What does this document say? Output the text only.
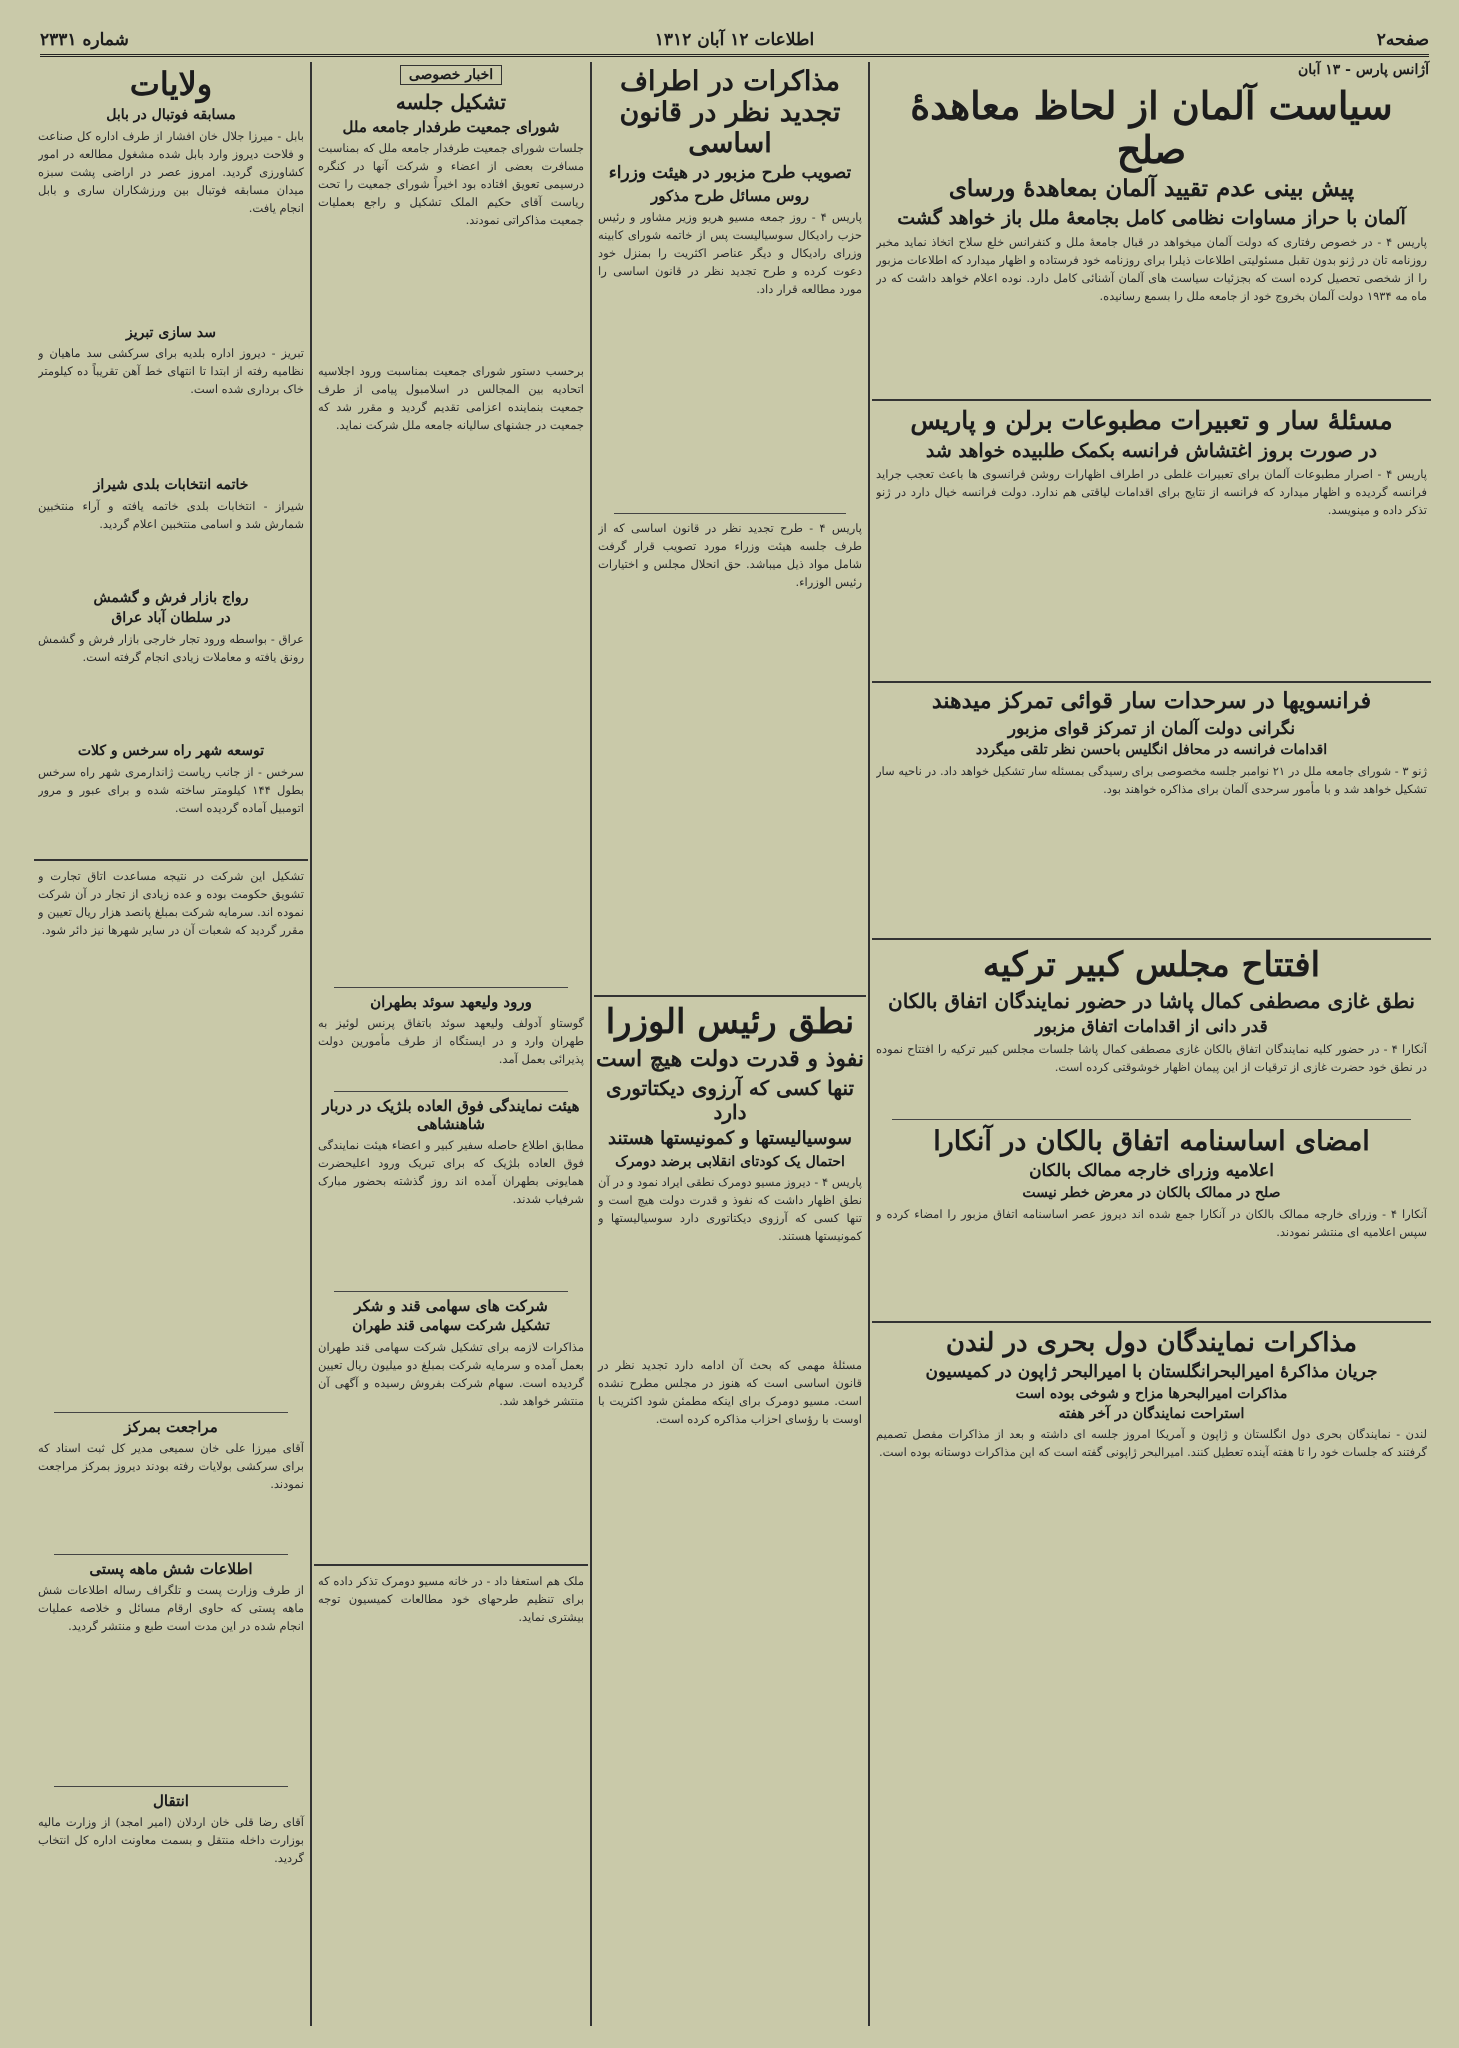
صفحه۲
اطلاعات ۱۲ آبان ۱۳۱۲
شماره ۲۳۳۱
آژانس پارس - ۱۳ آبان
سیاست آلمان از لحاظ معاهدهٔ صلح
پیش بینی عدم تقیید آلمان بمعاهدهٔ ورسای
آلمان با حراز مساوات نظامی کامل بجامعهٔ ملل باز خواهد گشت
پاریس ۴ - در خصوص رفتاری که دولت آلمان میخواهد در قبال جامعهٔ ملل و کنفرانس خلع سلاح اتخاذ نماید مخبر روزنامه تان در ژنو بدون تقبل مسئولیتی اطلاعات ذیلرا برای روزنامه خود فرستاده و اظهار میدارد که اطلاعات مزبور را از شخصی تحصیل کرده است که بجزئیات سیاست های آلمان آشنائی کامل دارد. نوده اعلام خواهد داشت که در ماه مه ۱۹۳۴ دولت آلمان بخروج خود از جامعه ملل را بسمع رسانیده.
مسئلهٔ سار و تعبیرات مطبوعات برلن و پاریس
در صورت بروز اغتشاش فرانسه بکمک طلبیده خواهد شد
پاریس ۴ - اصرار مطبوعات آلمان برای تعبیرات غلطی در اطراف اظهارات روشن فرانسوی ها باعث تعجب جراید فرانسه گردیده و اظهار میدارد که فرانسه از نتایج برای اقدامات لیاقتی هم ندارد. دولت فرانسه خیال دارد در ژنو تذکر داده و مینویسد.
فرانسویها در سرحدات سار قوائی تمرکز میدهند
نگرانی دولت آلمان از تمرکز قوای مزبور
اقدامات فرانسه در محافل انگلیس باحسن نظر تلقی میگردد
ژنو ۳ - شورای جامعه ملل در ۲۱ نوامبر جلسه مخصوصی برای رسیدگی بمسئله سار تشکیل خواهد داد. در ناحیه سار تشکیل خواهد شد و با مأمور سرحدی آلمان برای مذاکره خواهند بود.
افتتاح مجلس کبیر ترکیه
نطق غازی مصطفی کمال پاشا در حضور نمایندگان اتفاق بالکان
قدر دانی از اقدامات اتفاق مزبور
آنکارا ۴ - در حضور کلیه نمایندگان اتفاق بالکان غازی مصطفی کمال پاشا جلسات مجلس کبیر ترکیه را افتتاح نموده در نطق خود حضرت غازی از ترقیات از این پیمان اظهار خوشوقتی کرده است.
امضای اساسنامه اتفاق بالکان در آنکارا
اعلامیه وزرای خارجه ممالک بالکان
صلح در ممالک بالکان در معرض خطر نیست
آنکارا ۴ - وزرای خارجه ممالک بالکان در آنکارا جمع شده اند دیروز عصر اساسنامه اتفاق مزبور را امضاء کرده و سپس اعلامیه ای منتشر نمودند.
مذاکرات نمایندگان دول بحری در لندن
جریان مذاکرهٔ امیرالبحرانگلستان با امیرالبحر ژاپون در کمیسیون
مذاکرات امیرالبحرها مزاح و شوخی بوده است
استراحت نمایندگان در آخر هفته
لندن - نمایندگان بحری دول انگلستان و ژاپون و آمریکا امروز جلسه ای داشته و بعد از مذاکرات مفصل تصمیم گرفتند که جلسات خود را تا هفته آینده تعطیل کنند. امیرالبحر ژاپونی گفته است که این مذاکرات دوستانه بوده است.
مذاکرات در اطراف تجدید نظر در قانون اساسی
تصویب طرح مزبور در هیئت وزراء
روس مسائل طرح مذکور
پاریس ۴ - روز جمعه مسیو هریو وزیر مشاور و رئیس حزب رادیکال سوسیالیست پس از خاتمه شورای کابینه وزرای رادیکال و دیگر عناصر اکثریت را بمنزل خود دعوت کرده و طرح تجدید نظر در قانون اساسی را مورد مطالعه قرار داد.
پاریس ۴ - طرح تجدید نظر در قانون اساسی که از طرف جلسه هیئت وزراء مورد تصویب قرار گرفت شامل مواد ذیل میباشد. حق انحلال مجلس و اختیارات رئیس الوزراء.
نطق رئیس الوزرا
نفوذ و قدرت دولت هیچ است
تنها کسی که آرزوی دیکتاتوری دارد
سوسیالیستها و کمونیستها هستند
احتمال یک کودتای انقلابی برضد دومرک
پاریس ۴ - دیروز مسیو دومرک نطقی ایراد نمود و در آن نطق اظهار داشت که نفوذ و قدرت دولت هیچ است و تنها کسی که آرزوی دیکتاتوری دارد سوسیالیستها و کمونیستها هستند.
مسئلهٔ مهمی که بحث آن ادامه دارد تجدید نظر در قانون اساسی است که هنوز در مجلس مطرح نشده است. مسیو دومرک برای اینکه مطمئن شود اکثریت با اوست با رؤسای احزاب مذاکره کرده است.
اخبار خصوصی
تشکیل جلسه
شورای جمعیت طرفدار جامعه ملل
جلسات شورای جمعیت طرفدار جامعه ملل که بمناسبت مسافرت بعضی از اعضاء و شرکت آنها در کنگره درسیمی تعویق افتاده بود اخیراً شورای جمعیت را تحت ریاست آقای حکیم الملک تشکیل و راجع بعملیات جمعیت مذاکراتی نمودند.
برحسب دستور شورای جمعیت بمناسبت ورود اجلاسیه اتحادیه بین المجالس در اسلامبول پیامی از طرف جمعیت بنماینده اعزامی تقدیم گردید و مقرر شد که جمعیت در جشنهای سالیانه جامعه ملل شرکت نماید.
ورود ولیعهد سوئد بطهران
گوستاو آدولف ولیعهد سوئد باتفاق پرنس لوئیز به طهران وارد و در ایستگاه از طرف مأمورین دولت پذیرائی بعمل آمد.
هیئت نمایندگی فوق العاده بلژیک در دربار شاهنشاهی
مطابق اطلاع حاصله سفیر کبیر و اعضاء هیئت نمایندگی فوق العاده بلژیک که برای تبریک ورود اعلیحضرت همایونی بطهران آمده اند روز گذشته بحضور مبارک شرفیاب شدند.
شرکت های سهامی قند و شکر
تشکیل شرکت سهامی قند طهران
مذاکرات لازمه برای تشکیل شرکت سهامی قند طهران بعمل آمده و سرمایه شرکت بمبلغ دو میلیون ریال تعیین گردیده است. سهام شرکت بفروش رسیده و آگهی آن منتشر خواهد شد.
ملک هم استعفا داد - در خانه مسیو دومرک تذکر داده که برای تنظیم طرحهای خود مطالعات کمیسیون توجه بیشتری نماید.
ولایات
مسابقه فوتبال در بابل
بابل - میرزا جلال خان افشار از طرف اداره کل صناعت و فلاحت دیروز وارد بابل شده مشغول مطالعه در امور کشاورزی گردید. امروز عصر در اراضی پشت سبزه میدان مسابقه فوتبال بین ورزشکاران ساری و بابل انجام یافت.
سد سازی تبریز
تبریز - دیروز اداره بلدیه برای سرکشی سد ماهیان و نظامیه رفته از ابتدا تا انتهای خط آهن تقریباً ده کیلومتر خاک برداری شده است.
خاتمه انتخابات بلدی شیراز
شیراز - انتخابات بلدی خاتمه یافته و آراء منتخبین شمارش شد و اسامی منتخبین اعلام گردید.
رواج بازار فرش و گشمش
در سلطان آباد عراق
عراق - بواسطه ورود تجار خارجی بازار فرش و گشمش رونق یافته و معاملات زیادی انجام گرفته است.
توسعه شهر راه سرخس و کلات
سرخس - از جانب ریاست ژاندارمری شهر راه سرخس بطول ۱۴۴ کیلومتر ساخته شده و برای عبور و مرور اتومبیل آماده گردیده است.
تشکیل این شرکت در نتیجه مساعدت اتاق تجارت و تشویق حکومت بوده و عده زیادی از تجار در آن شرکت نموده اند. سرمایه شرکت بمبلغ پانصد هزار ریال تعیین و مقرر گردید که شعبات آن در سایر شهرها نیز دائر شود.
مراجعت بمرکز
آقای میرزا علی خان سمیعی مدیر کل ثبت اسناد که برای سرکشی بولایات رفته بودند دیروز بمرکز مراجعت نمودند.
اطلاعات شش ماهه پستی
از طرف وزارت پست و تلگراف رساله اطلاعات شش ماهه پستی که حاوی ارقام مسائل و خلاصه عملیات انجام شده در این مدت است طبع و منتشر گردید.
انتقال
آقای رضا قلی خان اردلان (امیر امجد) از وزارت مالیه بوزارت داخله منتقل و بسمت معاونت اداره کل انتخاب گردید.
